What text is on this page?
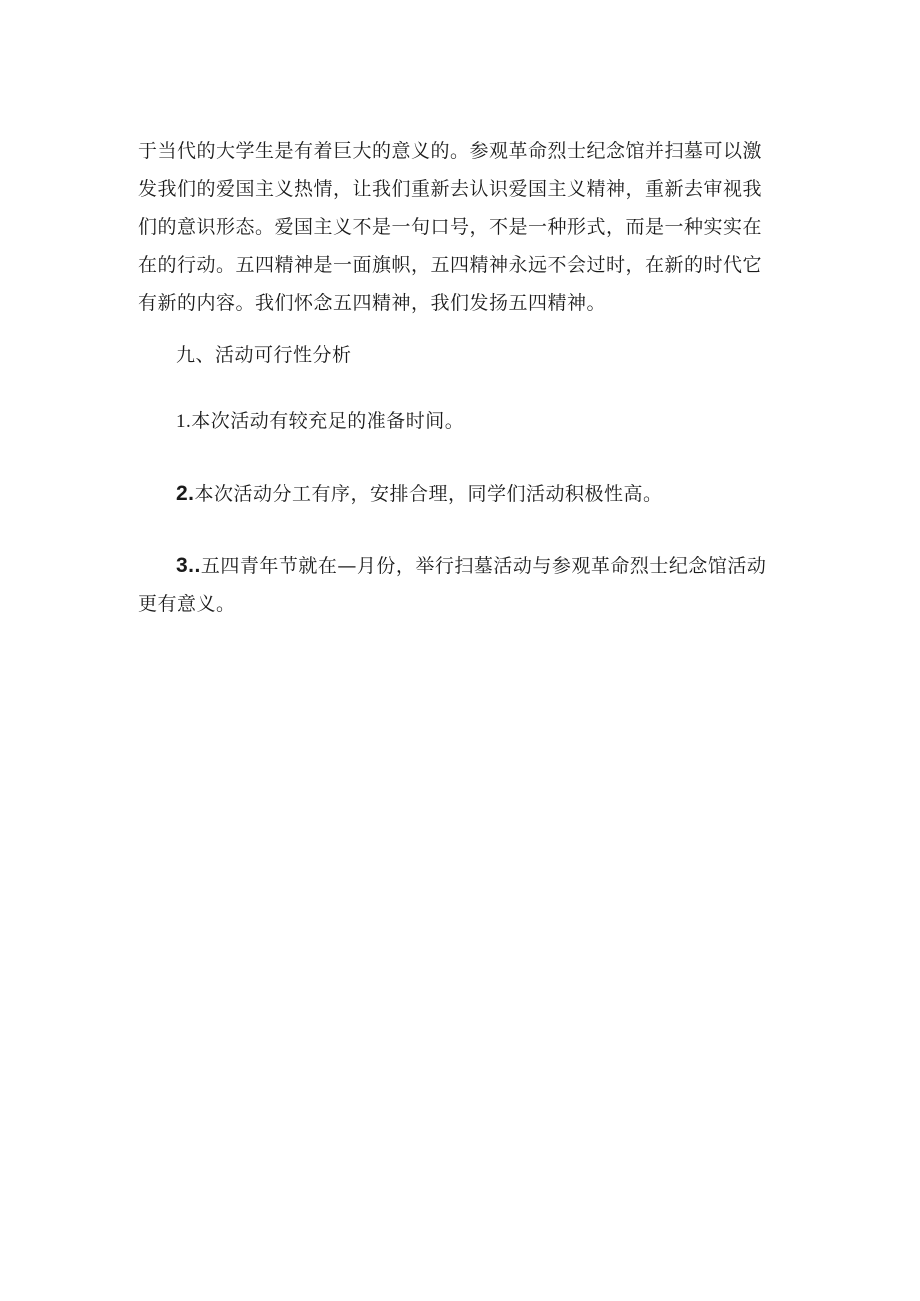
于当代的大学生是有着巨大的意义的。参观革命烈士纪念馆并扫墓可以激发我们的爱国主义热情，让我们重新去认识爱国主义精神，重新去审视我们的意识形态。爱国主义不是一句口号，不是一种形式，而是一种实实在在的行动。五四精神是一面旗帜，五四精神永远不会过时，在新的时代它有新的内容。我们怀念五四精神，我们发扬五四精神。

九、活动可行性分析

1.本次活动有较充足的准备时间。

2.本次活动分工有序，安排合理，同学们活动积极性高。

3..五四青年节就在—月份，举行扫墓活动与参观革命烈士纪念馆活动更有意义。
